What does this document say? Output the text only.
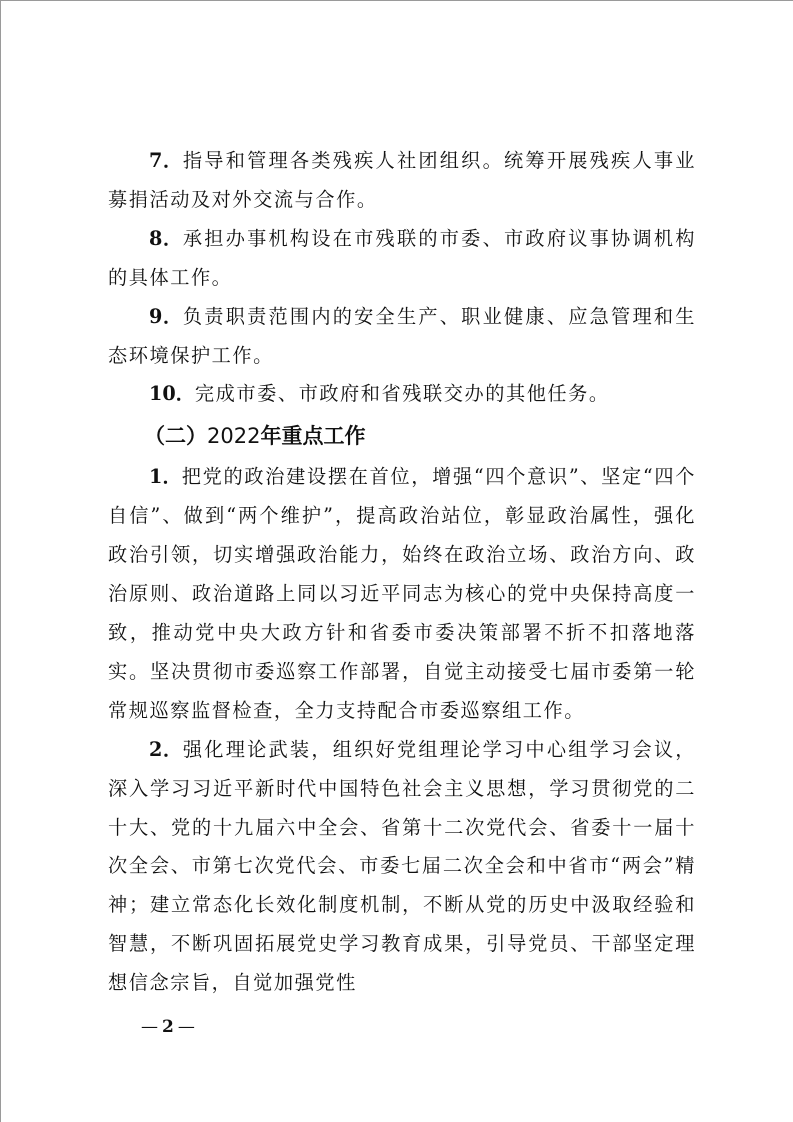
7．指导和管理各类残疾人社团组织。统筹开展残疾人事业募捐活动及对外交流与合作。

8．承担办事机构设在市残联的市委、市政府议事协调机构的具体工作。

9．负责职责范围内的安全生产、职业健康、应急管理和生态环境保护工作。

10．完成市委、市政府和省残联交办的其他任务。

（二）2022年重点工作

1．把党的政治建设摆在首位，增强“四个意识”、坚定“四个自信”、做到“两个维护”，提高政治站位，彰显政治属性，强化政治引领，切实增强政治能力，始终在政治立场、政治方向、政治原则、政治道路上同以习近平同志为核心的党中央保持高度一致，推动党中央大政方针和省委市委决策部署不折不扣落地落实。坚决贯彻市委巡察工作部署，自觉主动接受七届市委第一轮常规巡察监督检查，全力支持配合市委巡察组工作。

2．强化理论武装，组织好党组理论学习中心组学习会议，深入学习习近平新时代中国特色社会主义思想，学习贯彻党的二十大、党的十九届六中全会、省第十二次党代会、省委十一届十次全会、市第七次党代会、市委七届二次全会和中省市“两会”精神；建立常态化长效化制度机制，不断从党的历史中汲取经验和智慧，不断巩固拓展党史学习教育成果，引导党员、干部坚定理想信念宗旨，自觉加强党性

— 2 —
